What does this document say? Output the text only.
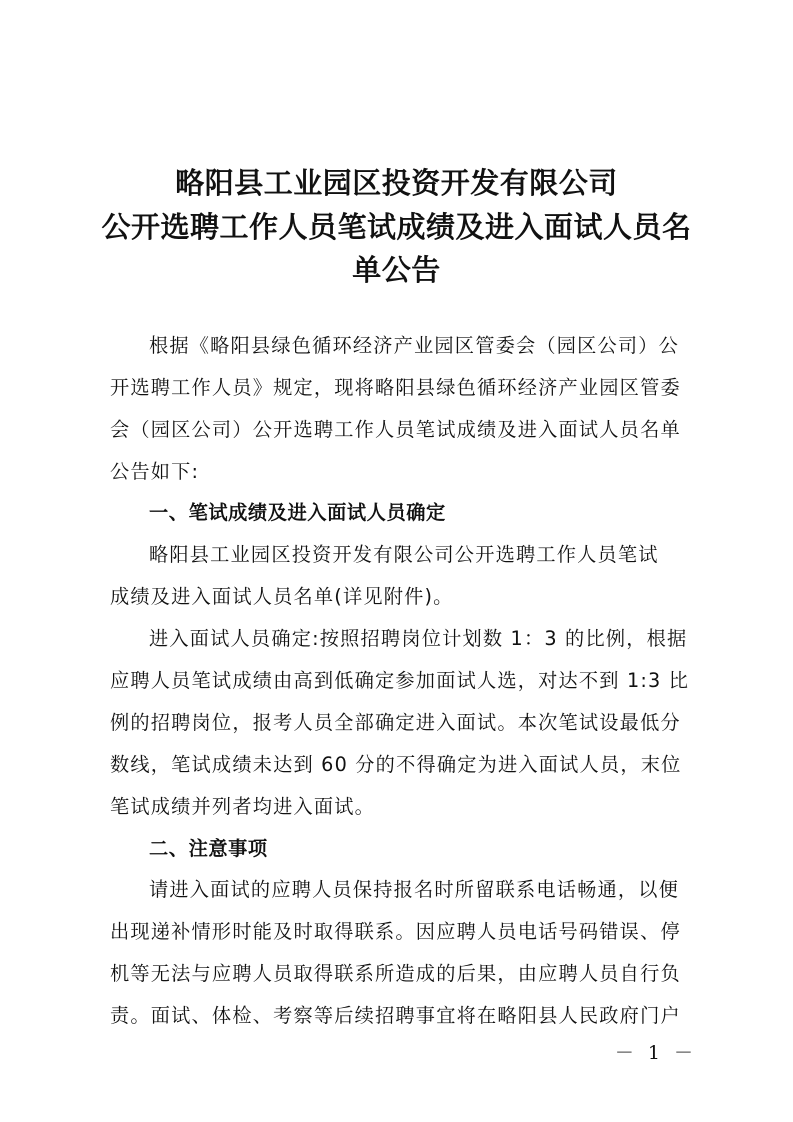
略阳县工业园区投资开发有限公司
公开选聘工作人员笔试成绩及进入面试人员名
单公告

根据《略阳县绿色循环经济产业园区管委会（园区公司）公

开选聘工作人员》规定，现将略阳县绿色循环经济产业园区管委

会（园区公司）公开选聘工作人员笔试成绩及进入面试人员名单

公告如下:

一、笔试成绩及进入面试人员确定

略阳县工业园区投资开发有限公司公开选聘工作人员笔试

成绩及进入面试人员名单(详见附件)。

进入面试人员确定:按照招聘岗位计划数 1：3 的比例，根据

应聘人员笔试成绩由高到低确定参加面试人选，对达不到 1:3 比

例的招聘岗位，报考人员全部确定进入面试。本次笔试设最低分

数线，笔试成绩未达到 60 分的不得确定为进入面试人员，末位

笔试成绩并列者均进入面试。

二、注意事项

请进入面试的应聘人员保持报名时所留联系电话畅通，以便

出现递补情形时能及时取得联系。因应聘人员电话号码错误、停

机等无法与应聘人员取得联系所造成的后果，由应聘人员自行负

责。面试、体检、考察等后续招聘事宜将在略阳县人民政府门户

－ 1 －
